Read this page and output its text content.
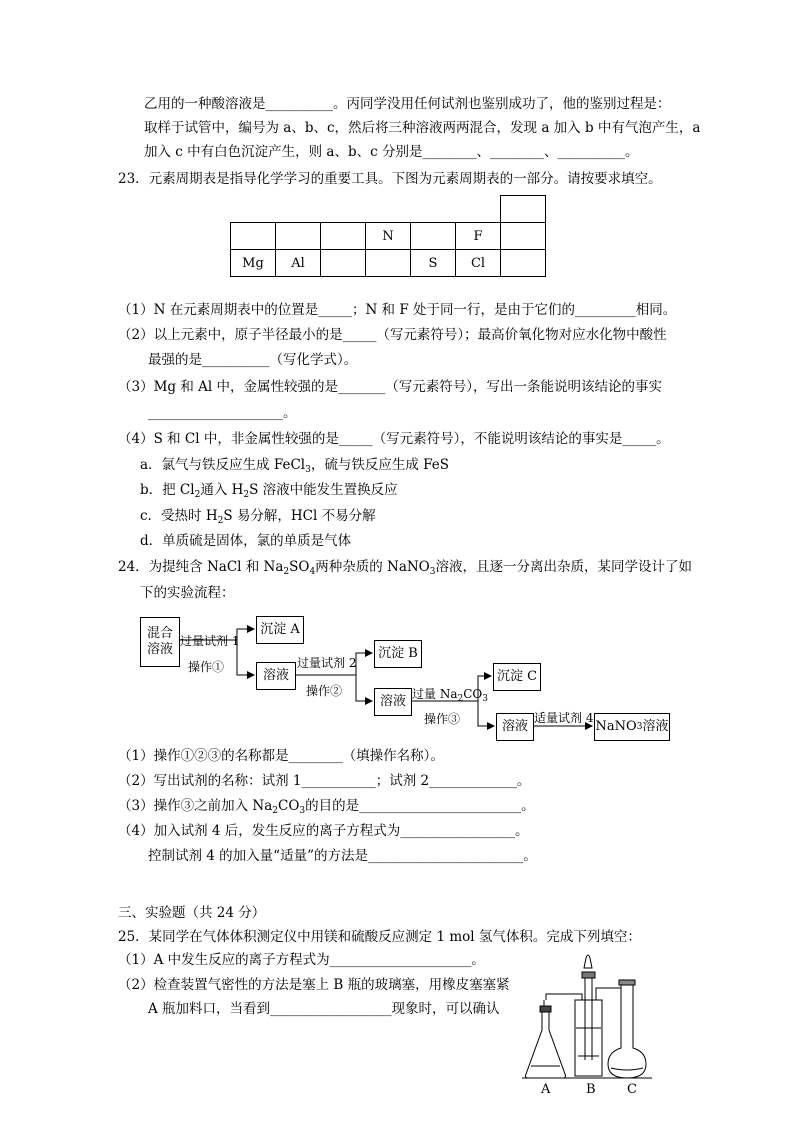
乙用的一种酸溶液是__________。丙同学没用任何试剂也鉴别成功了，他的鉴别过程是：
取样于试管中，编号为 a、b、c，然后将三种溶液两两混合，发现 a 加入 b 中有气泡产生，a
加入 c 中有白色沉淀产生，则 a、b、c 分别是________、________、__________。
23．元素周期表是指导化学学习的重要工具。下图为元素周期表的一部分。请按要求填空。

			N		F	
Mg	Al			S	Cl	
（1）N 在元素周期表中的位置是_____；N 和 F 处于同一行，是由于它们的_________相同。
（2）以上元素中，原子半径最小的是_____（写元素符号）；最高价氧化物对应水化物中酸性
最强的是__________（写化学式）。
（3）Mg 和 Al 中，金属性较强的是_______（写元素符号），写出一条能说明该结论的事实
____________________。
（4）S 和 Cl 中，非金属性较强的是_____（写元素符号），不能说明该结论的事实是_____。
a．氯气与铁反应生成 FeCl$_3$，硫与铁反应生成 FeS
b．把 $Cl_2$通入 $H_2S$ 溶液中能发生置换反应
c．受热时 $H_2S$ 易分解，HCl 不易分解
d．单质硫是固体，氯的单质是气体
24．为提纯含 NaCl 和 $Na_2SO_4$两种杂质的 NaNO$_3$溶液，且逐一分离出杂质，某同学设计了如
下的实验流程：
混合
溶液
过量试剂 1
操作①
沉淀 A
溶液
过量试剂 2
操作②
沉淀 B
溶液 过量 $Na_2CO_3$
操作③
沉淀 C
溶液
适量试剂 4
NaNO 3 溶液
（1）操作①②③的名称都是________（填操作名称）。
（2）写出试剂的名称：试剂 1___________；试剂 2_____________。
（3）操作③之前加入 $Na_2CO_3$的目的是________________________。
（4）加入试剂 4 后，发生反应的离子方程式为_________________。
控制试剂 4 的加入量“适量”的方法是_______________________。
三、实验题（共 24 分）
25．某同学在气体体积测定仪中用镁和硫酸反应测定 1 mol 氢气体积。完成下列填空：
（1）A 中发生反应的离子方程式为_____________________。
（2）检查装置气密性的方法是塞上 B 瓶的玻璃塞，用橡皮塞塞紧
A 瓶加料口，当看到__________________现象时，可以确认
A	B C
